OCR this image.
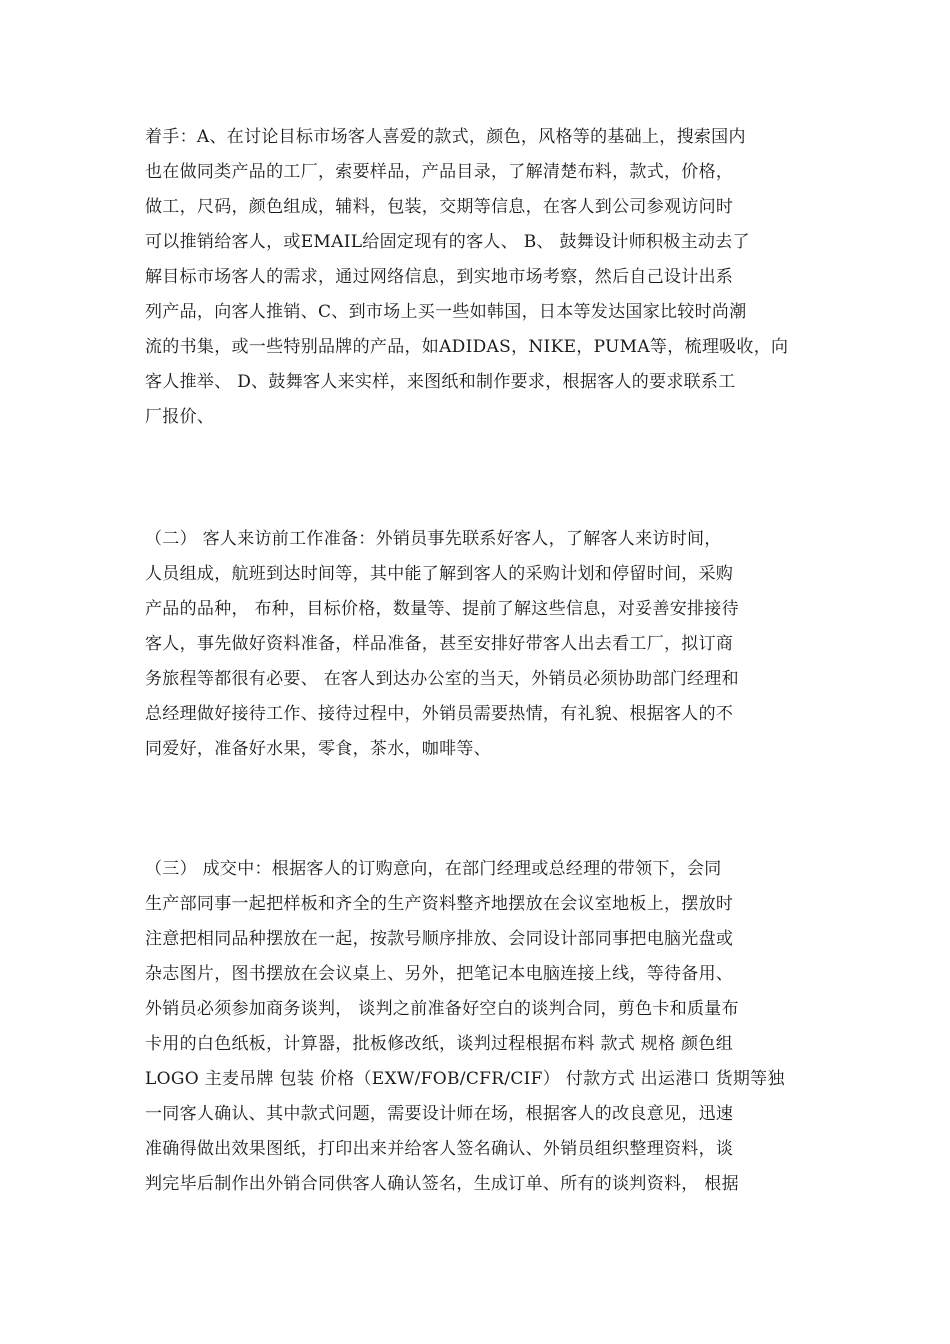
着手：A、在讨论目标市场客人喜爱的款式，颜色，风格等的基础上，搜索国内
也在做同类产品的工厂，索要样品，产品目录，了解清楚布料，款式，价格，
做工，尺码，颜色组成，辅料，包装，交期等信息，在客人到公司参观访问时
可以推销给客人，或EMAIL给固定现有的客人、 B、 鼓舞设计师积极主动去了
解目标市场客人的需求，通过网络信息，到实地市场考察，然后自己设计出系
列产品，向客人推销、C、到市场上买一些如韩国，日本等发达国家比较时尚潮
流的书集，或一些特别品牌的产品，如ADIDAS，NIKE，PUMA等，梳理吸收，向
客人推举、 D、鼓舞客人来实样，来图纸和制作要求，根据客人的要求联系工
厂报价、

（二） 客人来访前工作准备：外销员事先联系好客人，了解客人来访时间，
人员组成，航班到达时间等，其中能了解到客人的采购计划和停留时间，采购
产品的品种， 布种，目标价格，数量等、提前了解这些信息，对妥善安排接待
客人，事先做好资料准备，样品准备，甚至安排好带客人出去看工厂，拟订商
务旅程等都很有必要、 在客人到达办公室的当天，外销员必须协助部门经理和
总经理做好接待工作、接待过程中，外销员需要热情，有礼貌、根据客人的不
同爱好，准备好水果，零食，茶水，咖啡等、

（三） 成交中：根据客人的订购意向，在部门经理或总经理的带领下，会同
生产部同事一起把样板和齐全的生产资料整齐地摆放在会议室地板上，摆放时
注意把相同品种摆放在一起，按款号顺序排放、会同设计部同事把电脑光盘或
杂志图片，图书摆放在会议桌上、另外，把笔记本电脑连接上线，等待备用、
外销员必须参加商务谈判， 谈判之前准备好空白的谈判合同，剪色卡和质量布
卡用的白色纸板，计算器，批板修改纸，谈判过程根据布料 款式 规格 颜色组
LOGO 主麦吊牌 包装 价格（EXW/FOB/CFR/CIF） 付款方式 出运港口 货期等独
一同客人确认、其中款式问题，需要设计师在场，根据客人的改良意见，迅速
准确得做出效果图纸，打印出来并给客人签名确认、外销员组织整理资料，谈
判完毕后制作出外销合同供客人确认签名，生成订单、所有的谈判资料， 根据
